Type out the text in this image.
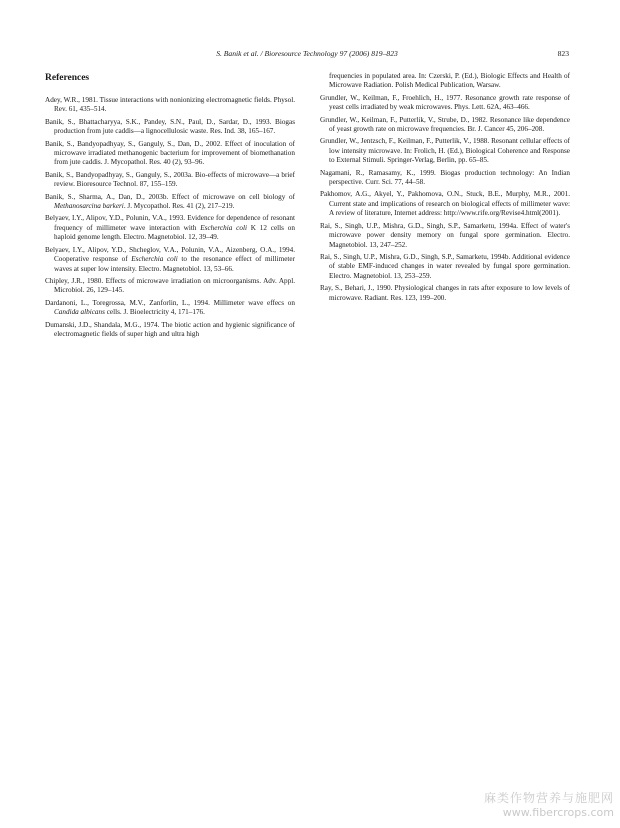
S. Banik et al. / Bioresource Technology 97 (2006) 819–823	823
References

Adey, W.R., 1981. Tissue interactions with nonionizing electromagnetic fields. Physol. Rev. 61, 435–514.

Banik, S., Bhattacharyya, S.K., Pandey, S.N., Paul, D., Sardar, D., 1993. Biogas production from jute caddis—a lignocellulosic waste. Res. Ind. 38, 165–167.

Banik, S., Bandyopadhyay, S., Ganguly, S., Dan, D., 2002. Effect of inoculation of microwave irradiated methanogenic bacterium for improvement of biomethanation from jute caddis. J. Mycopathol. Res. 40 (2), 93–96.

Banik, S., Bandyopadhyay, S., Ganguly, S., 2003a. Bio-effects of microwave—a brief review. Bioresource Technol. 87, 155–159.

Banik, S., Sharma, A., Dan, D., 2003b. Effect of microwave on cell biology of Methanosarcina barkeri. J. Mycopathol. Res. 41 (2), 217–219.

Belyaev, I.Y., Alipov, Y.D., Polunin, V.A., 1993. Evidence for dependence of resonant frequency of millimeter wave interaction with Escherchia coli K 12 cells on haploid genome length. Electro. Magnetobiol. 12, 39–49.

Belyaev, I.Y., Alipov, Y.D., Shcheglov, V.A., Polunin, V.A., Aizenberg, O.A., 1994. Cooperative response of Escherchia coli to the resonance effect of millimeter waves at super low intensity. Electro. Magnetobiol. 13, 53–66.

Chipley, J.R., 1980. Effects of microwave irradiation on microorganisms. Adv. Appl. Microbiol. 26, 129–145.

Dardanoni, L., Toregrossa, M.V., Zanforlin, L., 1994. Millimeter wave effecs on Candida albicans cells. J. Bioelectricity 4, 171–176.

Dumanski, J.D., Shandala, M.G., 1974. The biotic action and hygienic significance of electromagnetic fields of super high and ultra high

frequencies in populated area. In: Czerski, P. (Ed.), Biologic Effects and Health of Microwave Radiation. Polish Medical Publication, Warsaw.

Grundler, W., Keilman, F., Froehlich, H., 1977. Resonance growth rate response of yeast cells irradiated by weak microwaves. Phys. Lett. 62A, 463–466.

Grundler, W., Keilman, F., Putterlik, V., Strube, D., 1982. Resonance like dependence of yeast growth rate on microwave frequencies. Br. J. Cancer 45, 206–208.

Grundler, W., Jentzsch, F., Keilman, F., Putterlik, V., 1988. Resonant cellular effects of low intensity microwave. In: Frolich, H. (Ed.), Biological Coherence and Response to External Stimuli. Springer-Verlag, Berlin, pp. 65–85.

Nagamani, R., Ramasamy, K., 1999. Biogas production technology: An Indian perspective. Curr. Sci. 77, 44–58.

Pakhomov, A.G., Akyel, Y., Pakhomova, O.N., Stuck, B.E., Murphy, M.R., 2001. Current state and implications of research on biological effects of millimeter wave: A review of literature, Internet address: http://www.rife.org/Revise4.html(2001).

Rai, S., Singh, U.P., Mishra, G.D., Singh, S.P., Samarketu, 1994a. Effect of water's microwave power density memory on fungal spore germination. Electro. Magnetobiol. 13, 247–252.

Rai, S., Singh, U.P., Mishra, G.D., Singh, S.P., Samarketu, 1994b. Additional evidence of stable EMF-induced changes in water revealed by fungal spore germination. Electro. Magnetobiol. 13, 253–259.

Ray, S., Behari, J., 1990. Physiological changes in rats after exposure to low levels of microwave. Radiant. Res. 123, 199–200.

麻类作物营养与施肥网
www.fibercrops.com
